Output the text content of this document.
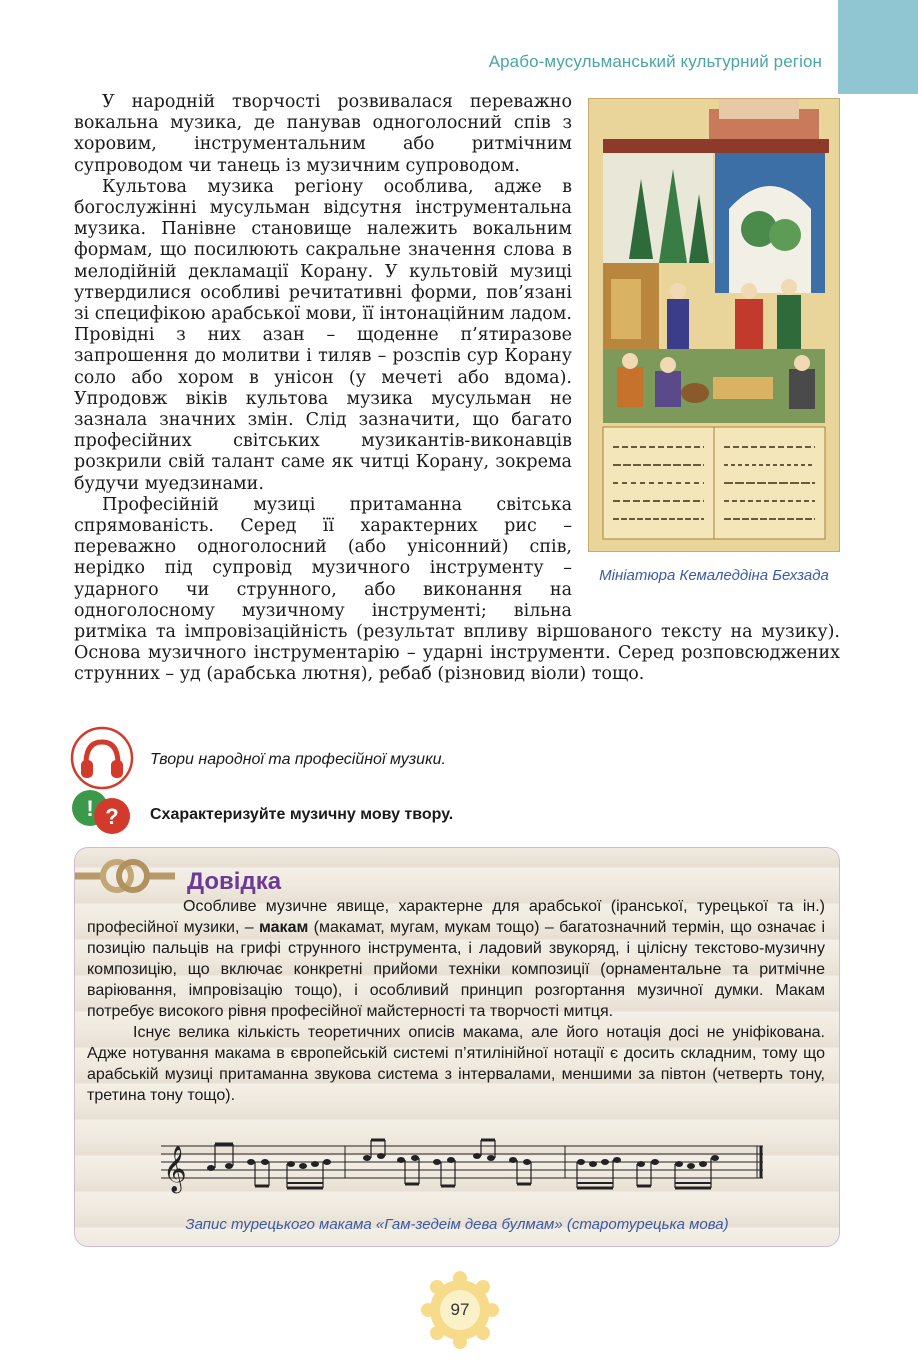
Арабо-мусульманський культурний регіон
Мініатюра Кемаледдіна Бехзада

У народній творчості розвивалася переважно вокальна музика, де панував одноголосний спів з хоровим, інструментальним або ритмічним супроводом чи танець із музичним супроводом.

Культова музика регіону особлива, адже в богослужінні мусульман відсутня інструментальна музика. Панівне становище належить вокальним формам, що посилюють сакральне значення слова в мелодійній декламації Корану. У культовій музиці утвердилися особливі речитативні форми, пов’язані зі специфікою арабської мови, її інтонаційним ладом. Провідні з них азан – щоденне п’ятиразове запрошення до молитви і тиляв – розспів сур Корану соло або хором в унісон (у мечеті або вдома). Упродовж віків культова музика мусульман не зазнала значних змін. Слід зазначити, що багато професійних світських музикантів-виконавців розкрили свій талант саме як читці Корану, зокрема будучи муедзинами.

Професійній музиці притаманна світська спрямованість. Серед її характерних рис – переважно одноголосний (або унісонний) спів, нерідко під супровід музичного інструменту – ударного чи струнного, або виконання на одноголосному музичному інструменті; вільна ритміка та імпровізаційність (результат впливу віршованого тексту на музику). Основа музичного інструментарію – ударні інструменти. Серед розповсюджених струнних – уд (арабська лютня), ребаб (різновид віоли) тощо.

Твори народної та професійної музики.
! ? Схарактеризуйте музичну мову твору.
Довідка

Особливе музичне явище, характерне для арабської (іранської, турецької та ін.) професійної музики, – макам (макамат, мугам, мукам тощо) – багатозначний термін, що означає і позицію пальців на грифі струнного інструмента, і ладовий звукоряд, і цілісну текстово-музичну композицію, що включає конкретні прийоми техніки композиції (орнаментальне та ритмічне варіювання, імпровізацію тощо), і особливий принцип розгортання музичної думки. Макам потребує високого рівня професійної майстерності та творчості митця.

Існує велика кількість теоретичних описів макама, але його нотація досі не уніфікована. Адже нотування макама в європейській системі п’ятилінійної нотації є досить складним, тому що арабській музиці притаманна звукова система з інтервалами, меншими за півтон (четверть тону, третина тону тощо).

𝄞
Запис турецького макама «Гам-зедеім дева булмам» (старотурецька мова)
97
